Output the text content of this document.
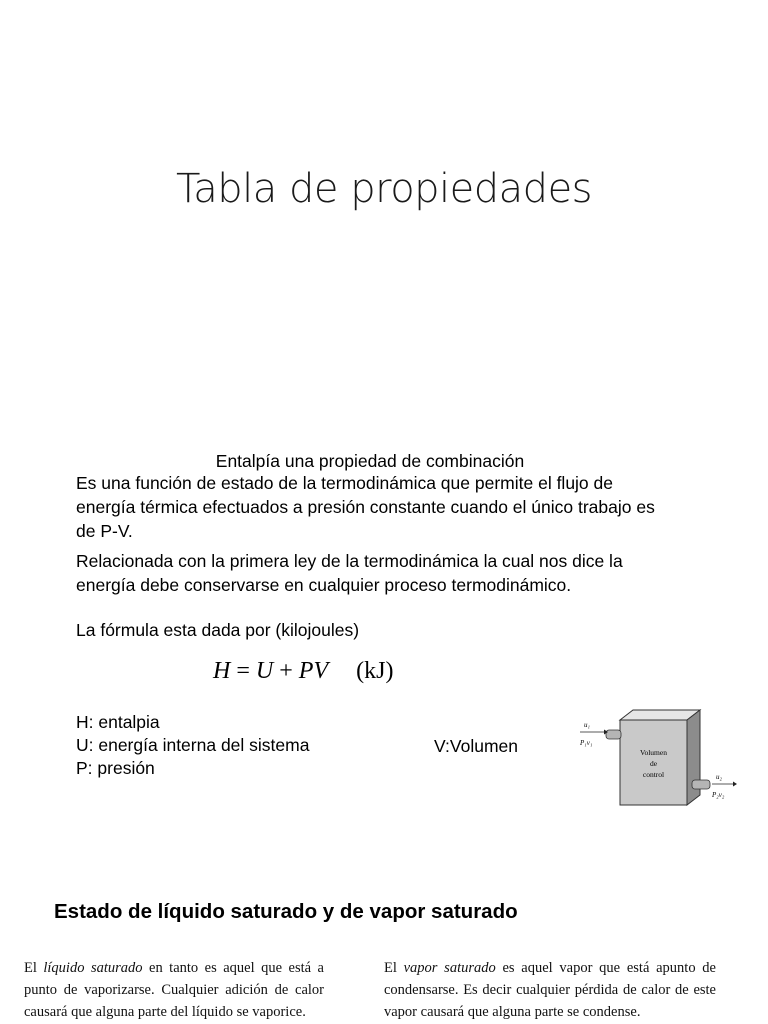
Tabla de propiedades
Entalpía una propiedad de combinación
Es una función de estado de la termodinámica que permite el flujo de energía térmica efectuados a presión constante cuando el único trabajo es de P-V.
Relacionada con la primera ley de la termodinámica la cual nos dice la energía debe conservarse en cualquier proceso termodinámico.
La fórmula esta dada por (kilojoules)
H = U + PV (kJ)
H: entalpia
U: energía interna del sistema
P: presión
V:Volumen
u₁
P₁v₁
u₂
P₂v₂
Volumen
de
control
Estado de líquido saturado y de vapor saturado
El líquido saturado en tanto es aquel que está a punto de vaporizarse. Cualquier adición de calor causará que alguna parte del líquido se vaporice.
El vapor saturado es aquel vapor que está apunto de condensarse. Es decir cualquier pérdida de calor de este vapor causará que alguna parte se condense.
